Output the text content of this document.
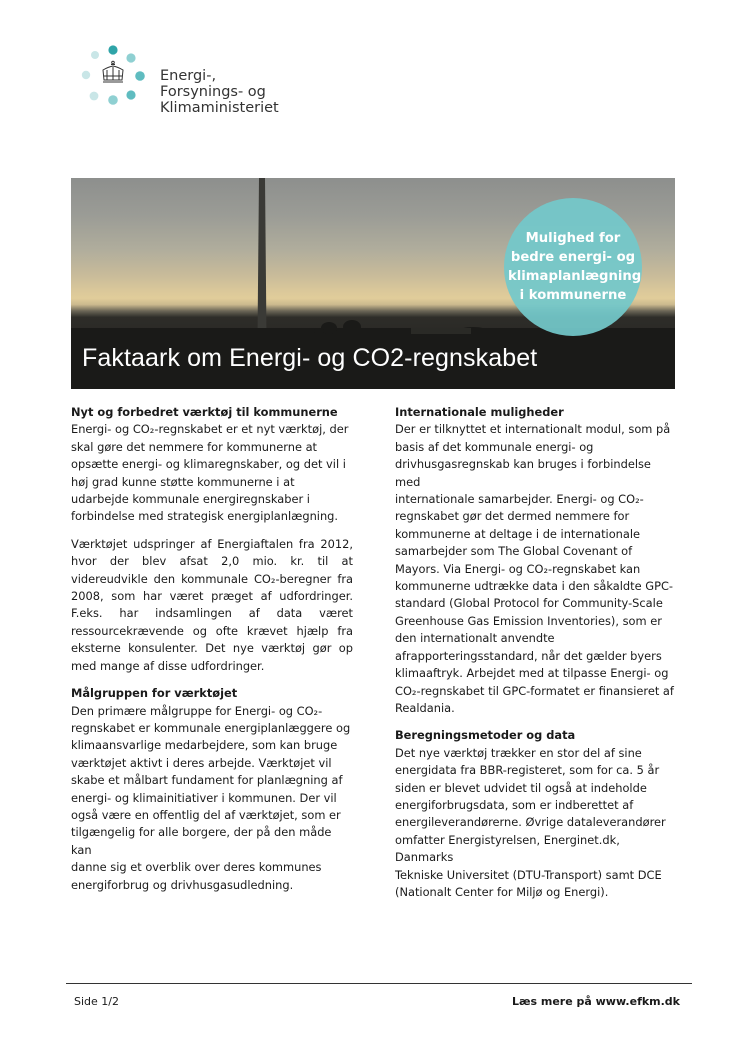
Energi-,
Forsynings- og
Klimaministeriet
Mulighed for bedre energi- og klimaplanlægning i kommunerne
Faktaark om Energi- og CO2-regnskabet
Nyt og forbedret værktøj til kommunerne

Energi- og CO₂-regnskabet er et nyt værktøj, der
skal gøre det nemmere for kommunerne at
opsætte energi- og klimaregnskaber, og det vil i
høj grad kunne støtte kommunerne i at
udarbejde kommunale energiregnskaber i
forbindelse med strategisk energiplanlægning.

Værktøjet udspringer af Energiaftalen fra 2012, hvor der blev afsat 2,0 mio. kr. til at videreudvikle den kommunale CO₂-beregner fra 2008, som har været præget af udfordringer. F.eks. har indsamlingen af data været ressourcekrævende og ofte krævet hjælp fra eksterne konsulenter. Det nye værktøj gør op med mange af disse udfordringer.

Målgruppen for værktøjet

Den primære målgruppe for Energi- og CO₂-
regnskabet er kommunale energiplanlæggere og
klimaansvarlige medarbejdere, som kan bruge
værktøjet aktivt i deres arbejde. Værktøjet vil
skabe et målbart fundament for planlægning af
energi- og klimainitiativer i kommunen. Der vil
også være en offentlig del af værktøjet, som er
tilgængelig for alle borgere, der på den måde kan
danne sig et overblik over deres kommunes
energiforbrug og drivhusgasudledning.

Internationale muligheder

Der er tilknyttet et internationalt modul, som på
basis af det kommunale energi- og
drivhusgasregnskab kan bruges i forbindelse med
internationale samarbejder. Energi- og CO₂-
regnskabet gør det dermed nemmere for
kommunerne at deltage i de internationale
samarbejder som The Global Covenant of
Mayors. Via Energi- og CO₂-regnskabet kan
kommunerne udtrække data i den såkaldte GPC-
standard (Global Protocol for Community-Scale
Greenhouse Gas Emission Inventories), som er
den internationalt anvendte
afrapporteringsstandard, når det gælder byers
klimaaftryk. Arbejdet med at tilpasse Energi- og
CO₂-regnskabet til GPC-formatet er finansieret af
Realdania.

Beregningsmetoder og data

Det nye værktøj trækker en stor del af sine
energidata fra BBR-registeret, som for ca. 5 år
siden er blevet udvidet til også at indeholde
energiforbrugsdata, som er indberettet af
energileverandørerne. Øvrige dataleverandører
omfatter Energistyrelsen, Energinet.dk, Danmarks
Tekniske Universitet (DTU-Transport) samt DCE
(Nationalt Center for Miljø og Energi).

Side 1/2	Læs mere på www.efkm.dk
